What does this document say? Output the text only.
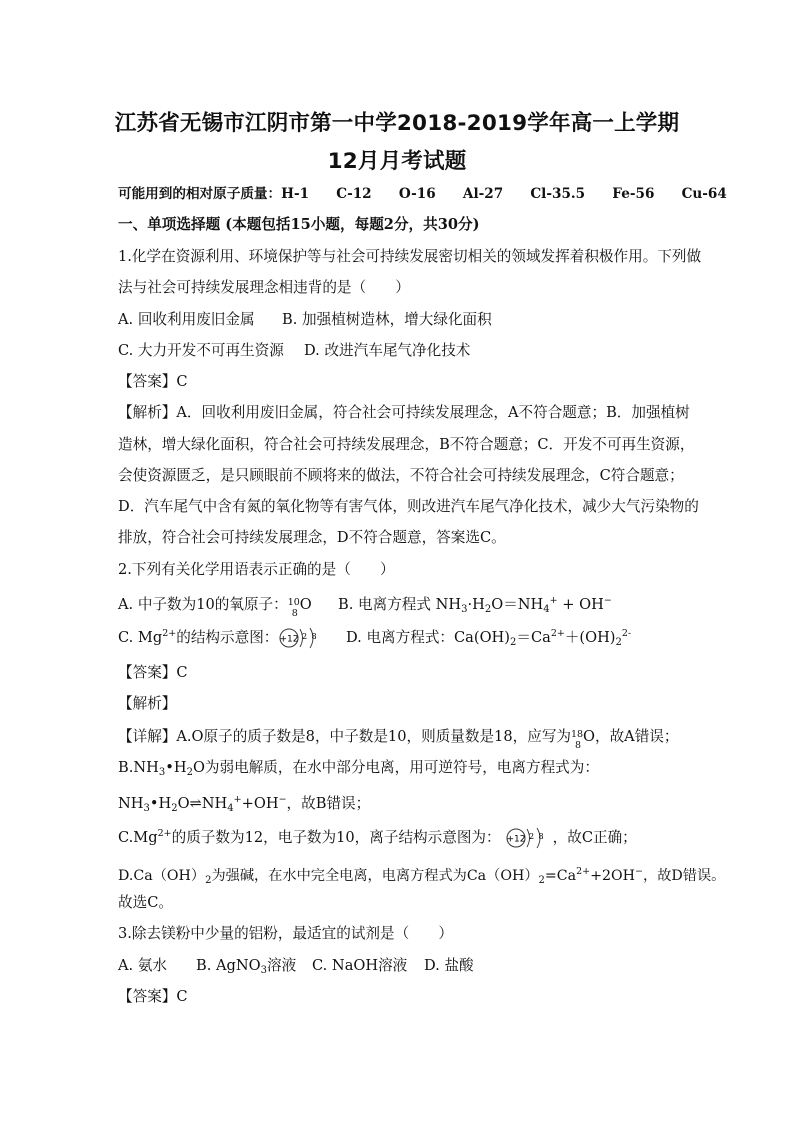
江苏省无锡市江阴市第一中学2018-2019学年高一上学期
12月月考试题
可能用到的相对原子质量：H-1　　C-12　　O-16　　Al-27　　Cl-35.5　　Fe-56　　Cu-64
一、单项选择题 (本题包括15小题，每题2分，共30分)
1.化学在资源利用、环境保护等与社会可持续发展密切相关的领域发挥着积极作用。下列做
法与社会可持续发展理念相违背的是（　　）
A. 回收利用废旧金属 B. 加强植树造林，增大绿化面积
C. 大力开发不可再生资源 D. 改进汽车尾气净化技术
【答案】C
【解析】A．回收利用废旧金属，符合社会可持续发展理念，A不符合题意；B．加强植树
造林，增大绿化面积，符合社会可持续发展理念，B不符合题意；C．开发不可再生资源，
会使资源匮乏，是只顾眼前不顾将来的做法，不符合社会可持续发展理念，C符合题意；
D．汽车尾气中含有氮的氧化物等有害气体，则改进汽车尾气净化技术，减少大气污染物的
排放，符合社会可持续发展理念，D不符合题意，答案选C。
2.下列有关化学用语表示正确的是（　　）
A. 中子数为10的氧原子： 10
8
O B. 电离方程式 $NH_3\cdot H_2O=NH_4^+ + OH^-$
C. $Mg^{2+}$的结构示意图： +12 2 8 D. 电离方程式：$Ca(OH)_2=Ca^{2+}+(OH)_2^{2-}$
【答案】C
【解析】
【详解】A.O原子的质子数是8，中子数是10，则质量数是18，应写为 18
8
O，故A错误；
$B.NH_3•H_2O$为弱电解质，在水中部分电离，用可逆符号，电离方程式为：
$NH_3•H_2O\rightleftharpoons NH_4^++OH^-$，故B错误；
$C.Mg^{2+}$的质子数为12，电子数为10，离子结构示意图为： +12 2 8 ，故C正确；
$D.Ca(OH)_2$为强碱，在水中完全电离，电离方程式为$Ca(OH)_2=Ca^{2+}+2OH^-$，故D错误。
故选C。
3.除去镁粉中少量的铝粉，最适宜的试剂是（　　）
A. 氨水 B. AgNO$_3$溶液 C. NaOH溶液 D. 盐酸
【答案】C
